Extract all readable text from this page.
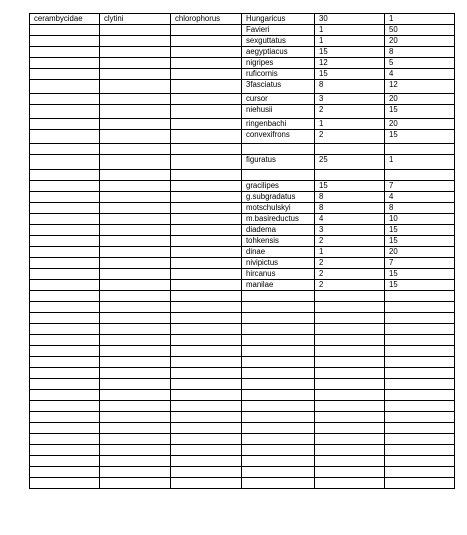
cerambycidae	clytini	chlorophorus	Hungaricus	30	1
			Favieri	1	50
			sexguttatus	1	20
			aegyptiacus	15	8
			nigripes	12	5
			ruficornis	15	4
			3fasciatus	8	12
			cursor	3	20
			niehusii	2	15
			ringenbachi	1	20
			convexifrons	2	15

			figuratus	25	1

			gracilipes	15	7
			g.subgradatus	8	4
			motschulskyi	8	8
			m.basireductus	4	10
			diadema	3	15
			tohkensis	2	15
			dinae	1	20
			nivipictus	2	7
			hircanus	2	15
			manilae	2	15
